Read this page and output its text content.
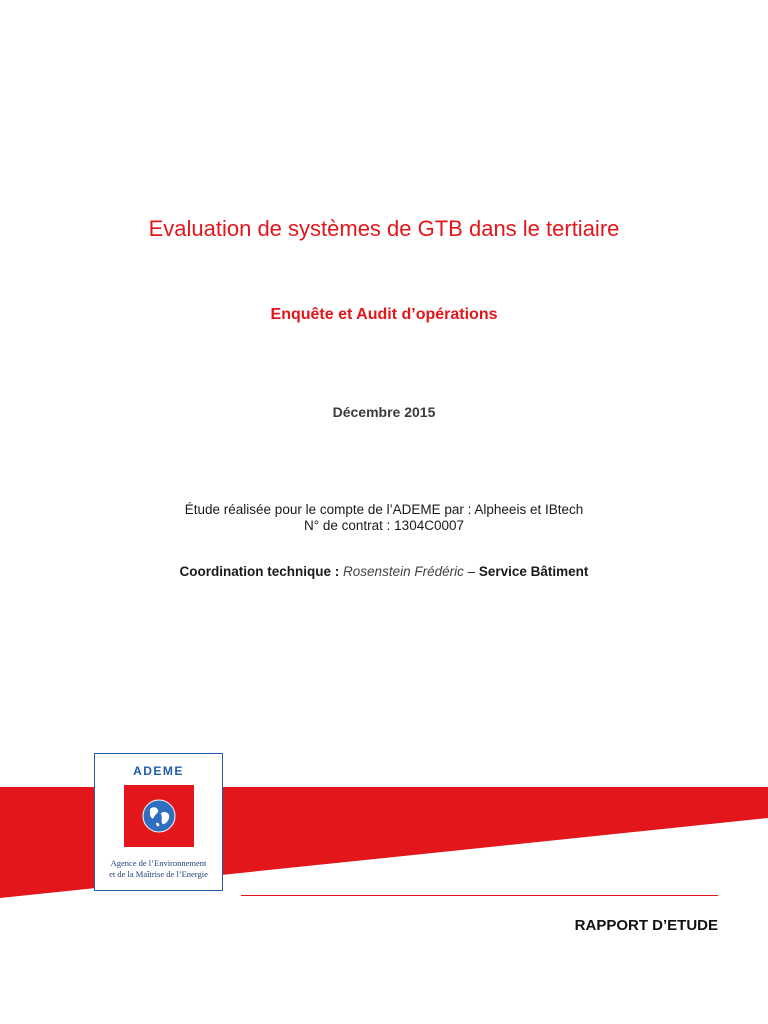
Evaluation de systèmes de GTB dans le tertiaire
Enquête et Audit d’opérations
Décembre 2015
Étude réalisée pour le compte de l’ADEME par : Alpheeis et IBtech
N° de contrat : 1304C0007
Coordination technique : Rosenstein Frédéric – Service Bâtiment
ADEME
Agence de l’Environnement
et de la Maîtrise de l’Energie
RAPPORT D’ETUDE
